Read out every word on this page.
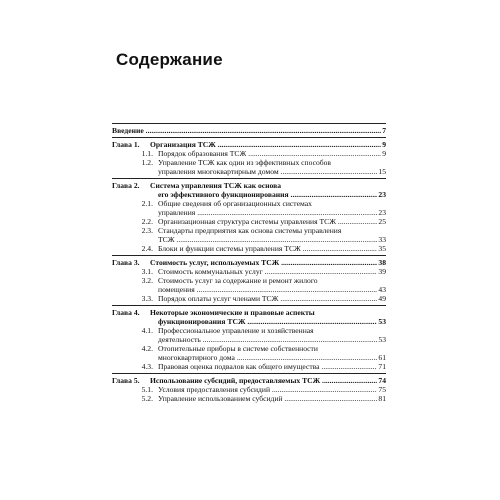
Содержание
Введение .....	7
Глава 1.	Организация ТСЖ .....	9
1.1. Порядок образования ТСЖ .....	9
1.2. Управление ТСЖ как один из эффективных способов
управления многоквартирным домом .....	15
Глава 2.	Система управления ТСЖ как основа
его эффективного функционирования .....	23
2.1. Общие сведения об организационных системах
управления .....	23
2.2. Организационная структура системы управления ТСЖ .....	25
2.3. Стандарты предприятия как основа системы управления
ТСЖ .....	33
2.4. Блоки и функции системы управления ТСЖ .....	35
Глава 3.	Стоимость услуг, используемых ТСЖ .....	38
3.1. Стоимость коммунальных услуг .....	39
3.2. Стоимость услуг за содержание и ремонт жилого
помещения .....	43
3.3. Порядок оплаты услуг членами ТСЖ .....	49
Глава 4.	Некоторые экономические и правовые аспекты
функционирования ТСЖ .....	53
4.1. Профессиональное управление и хозяйственная
деятельность .....	53
4.2. Отопительные приборы в системе собственности
многоквартирного дома .....	61
4.3. Правовая оценка подвалов как общего имущества .....	71
Глава 5.	Использование субсидий, предоставляемых ТСЖ .....	74
5.1. Условия предоставления субсидий .....	75
5.2. Управление использованием субсидий .....	81
